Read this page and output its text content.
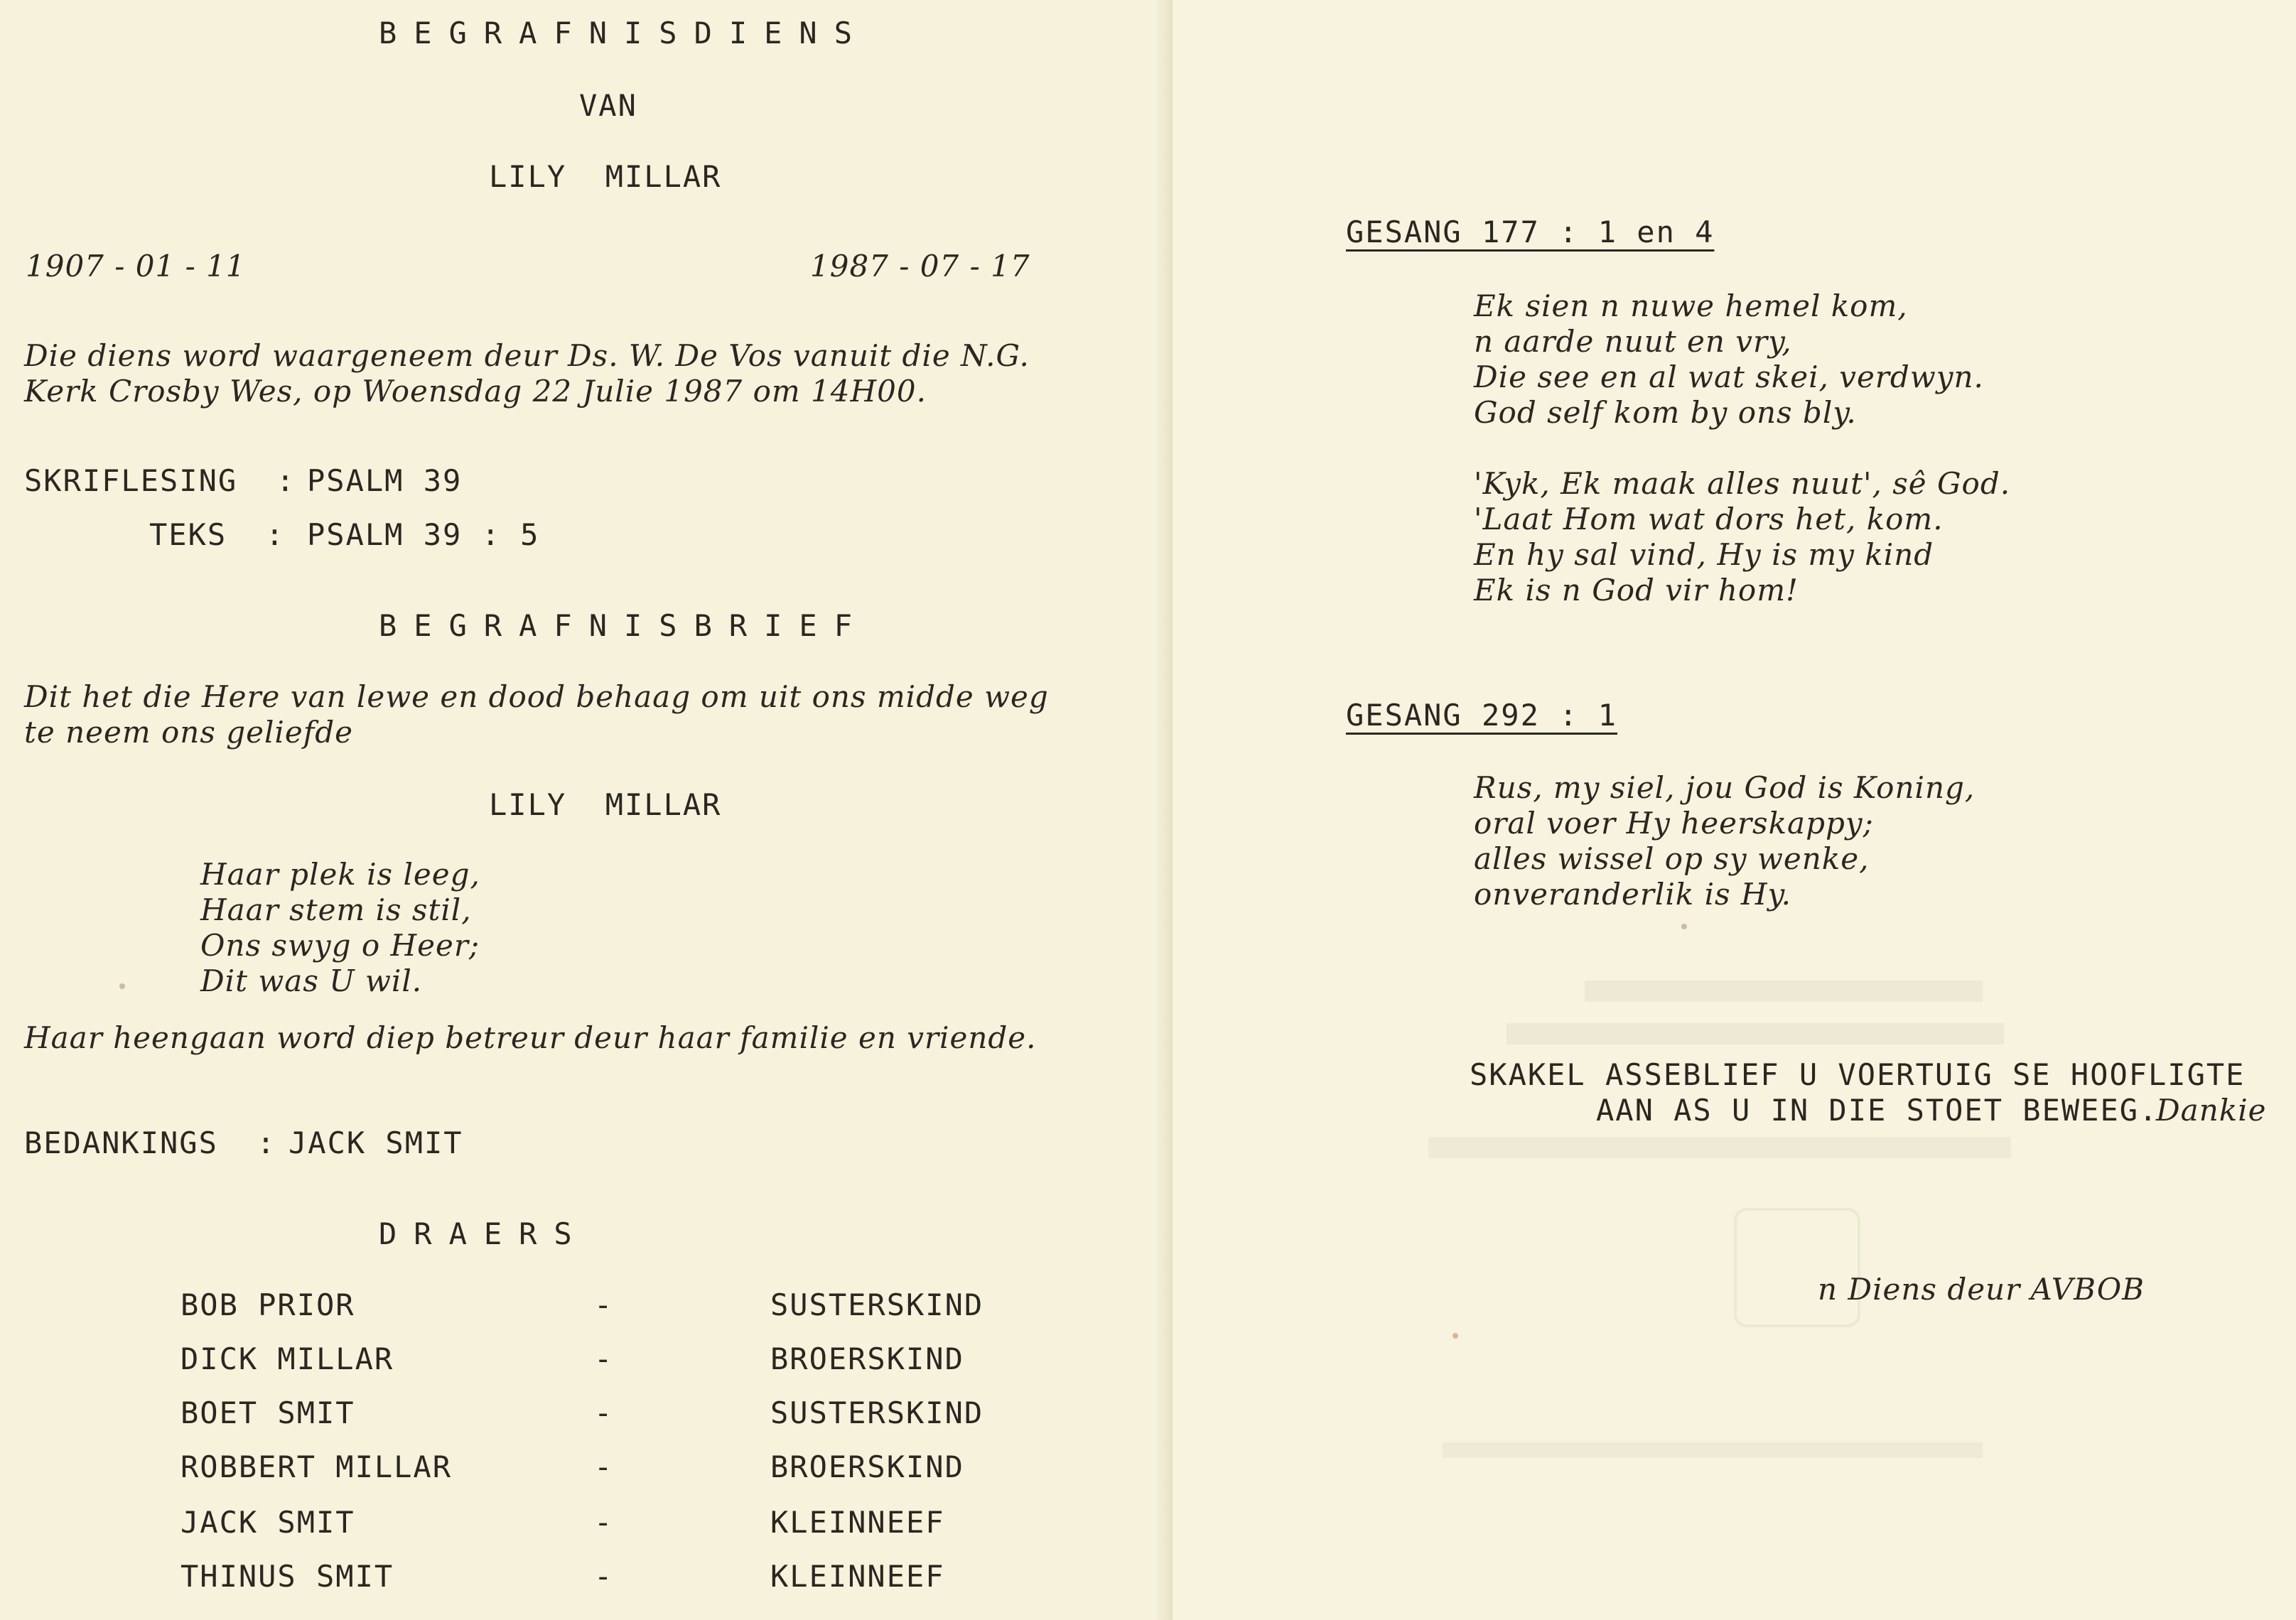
BEGRAFNISDIENS
VAN
LILY  MILLAR
1907 - 01 - 11	1987 - 07 - 17
Die diens word waargeneem deur Ds. W. De Vos vanuit die N.G.
Kerk Crosby Wes, op Woensdag 22 Julie 1987 om 14H00.
SKRIFLESING  : PSALM 39
TEKS  : PSALM 39 : 5
BEGRAFNISBRIEF
Dit het die Here van lewe en dood behaag om uit ons midde weg
te neem ons geliefde
LILY  MILLAR
Haar plek is leeg,
Haar stem is stil,
Ons swyg o Heer;
Dit was U wil.
Haar heengaan word diep betreur deur haar familie en vriende.
BEDANKINGS  : JACK SMIT
DRAERS
BOB PRIOR	-	SUSTERSKIND
DICK MILLAR	-	BROERSKIND
BOET SMIT	-	SUSTERSKIND
ROBBERT MILLAR	-	BROERSKIND
JACK SMIT	-	KLEINNEEF
THINUS SMIT	-	KLEINNEEF
GESANG 177 : 1 en 4
Ek sien n nuwe hemel kom,
n aarde nuut en vry,
Die see en al wat skei, verdwyn.
God self kom by ons bly.
'Kyk, Ek maak alles nuut', sê God.
'Laat Hom wat dors het, kom.
En hy sal vind, Hy is my kind
Ek is n God vir hom!
GESANG 292 : 1
Rus, my siel, jou God is Koning,
oral voer Hy heerskappy;
alles wissel op sy wenke,
onveranderlik is Hy.
SKAKEL ASSEBLIEF U VOERTUIG SE HOOFLIGTE
AAN AS U IN DIE STOET BEWEEG.
Dankie
n Diens deur AVBOB
